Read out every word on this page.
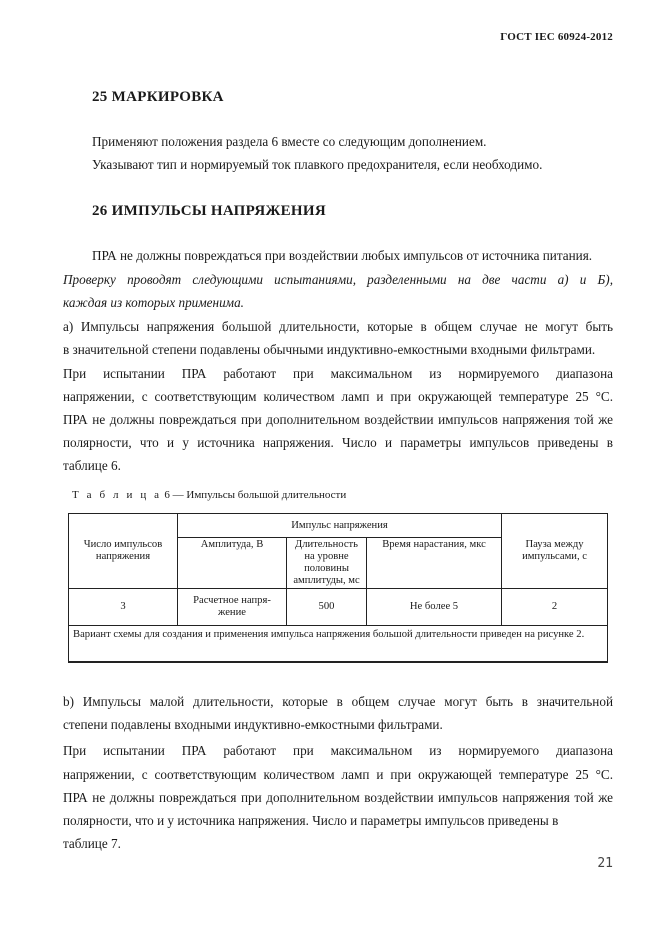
ГОСТ IEC 60924-2012
25 МАРКИРОВКА
Применяют положения раздела 6 вместе со следующим дополнением.
Указывают тип и нормируемый ток плавкого предохранителя, если необходимо.
26 ИМПУЛЬСЫ НАПРЯЖЕНИЯ
ПРА не должны повреждаться при воздействии любых импульсов от источника питания.
Проверку проводят следующими испытаниями, разделенными на две части а) и Б),
каждая из которых применима.
а) Импульсы напряжения большой длительности, которые в общем случае не могут быть
в значительной степени подавлены обычными индуктивно-емкостными входными фильтрами.
При испытании ПРА работают при максимальном из нормируемого диапазона
напряжении, с соответствующим количеством ламп и при окружающей температуре 25 °С.
ПРА не должны повреждаться при дополнительном воздействии импульсов напряжения той же
полярности, что и у источника напряжения. Число и параметры импульсов приведены в
таблице 6.
Т а б л и ц а 6 — Импульсы большой длительности
Число импульсов напряжения	Импульс напряжения			Пауза между импульсами, с
	Амплитуда, В	Длительность на уровне половины амплитуды, мс	Время нарастания, мкс	
3	Расчетное напря-жение	500	Не более 5	2
Вариант схемы для создания и применения импульса напряжения большой длительности приведен на рисунке 2.				
b) Импульсы малой длительности, которые в общем случае могут быть в значительной
степени подавлены входными индуктивно-емкостными фильтрами.
При испытании ПРА работают при максимальном из нормируемого диапазона
напряжении, с соответствующим количеством ламп и при окружающей температуре 25 °С.
ПРА не должны повреждаться при дополнительном воздействии импульсов напряжения той же
полярности, что и у источника напряжения. Число и параметры импульсов приведены в
таблице 7.
21
